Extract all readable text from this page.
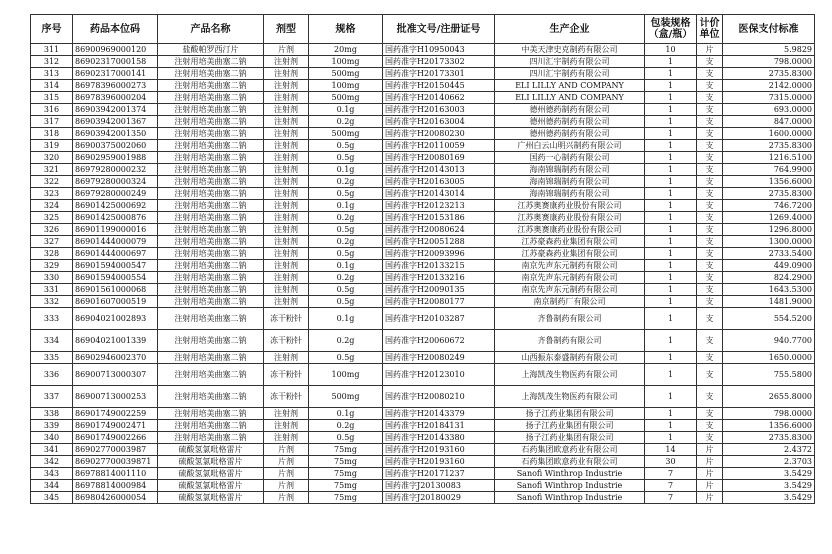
序号	药品本位码	产品名称	剂型	规格	批准文号/注册证号	生产企业	包装规格（盒/瓶）	计价单位	医保支付标准
311	86900969000120	盐酸帕罗西汀片	片剂	20mg	国药准字H10950043	中美天津史克制药有限公司	10	片	5.9829
312	86902317000158	注射用培美曲塞二钠	注射剂	100mg	国药准字H20173302	四川汇宇制药有限公司	1	支	798.0000
313	86902317000141	注射用培美曲塞二钠	注射剂	500mg	国药准字H20173301	四川汇宇制药有限公司	1	支	2735.8300
314	86978396000273	注射用培美曲塞二钠	注射剂	100mg	国药准字H20150445	ELI LILLY AND COMPANY	1	支	2142.0000
315	86978396000204	注射用培美曲塞二钠	注射剂	500mg	国药准字H20140662	ELI LILLY AND COMPANY	1	支	7315.0000
316	86903942001374	注射用培美曲塞二钠	注射剂	0.1g	国药准字H20163003	德州德药制药有限公司	1	支	693.0000
317	86903942001367	注射用培美曲塞二钠	注射剂	0.2g	国药准字H20163004	德州德药制药有限公司	1	支	847.0000
318	86903942001350	注射用培美曲塞二钠	注射剂	500mg	国药准字H20080230	德州德药制药有限公司	1	支	1600.0000
319	86900375002060	注射用培美曲塞二钠	注射剂	0.5g	国药准字H20110059	广州白云山明兴制药有限公司	1	支	2735.8300
320	86902959001988	注射用培美曲塞二钠	注射剂	0.5g	国药准字H20080169	国药一心制药有限公司	1	支	1216.5100
321	86979280000232	注射用培美曲塞二钠	注射剂	0.1g	国药准字H20143013	海南锦瑞制药有限公司	1	支	764.9900
322	86979280000324	注射用培美曲塞二钠	注射剂	0.2g	国药准字H20163005	海南锦瑞制药有限公司	1	支	1356.6000
323	86979280000249	注射用培美曲塞二钠	注射剂	0.5g	国药准字H20143014	海南锦瑞制药有限公司	1	支	2735.8300
324	86901425000692	注射用培美曲塞二钠	注射剂	0.1g	国药准字H20123213	江苏奥赛康药业股份有限公司	1	支	746.7200
325	86901425000876	注射用培美曲塞二钠	注射剂	0.2g	国药准字H20153186	江苏奥赛康药业股份有限公司	1	支	1269.4000
326	86901199000016	注射用培美曲塞二钠	注射剂	0.5g	国药准字H20080624	江苏奥赛康药业股份有限公司	1	支	1296.8000
327	86901444000079	注射用培美曲塞二钠	注射剂	0.2g	国药准字H20051288	江苏豪森药业集团有限公司	1	支	1300.0000
328	86901444000697	注射用培美曲塞二钠	注射剂	0.5g	国药准字H20093996	江苏豪森药业集团有限公司	1	支	2733.5400
329	86901594000547	注射用培美曲塞二钠	注射剂	0.1g	国药准字H20133215	南京先声东元制药有限公司	1	支	449.0900
330	86901594000554	注射用培美曲塞二钠	注射剂	0.2g	国药准字H20133216	南京先声东元制药有限公司	1	支	824.2900
331	86901561000068	注射用培美曲塞二钠	注射剂	0.5g	国药准字H20090135	南京先声东元制药有限公司	1	支	1643.5300
332	86901607000519	注射用培美曲塞二钠	注射剂	0.5g	国药准字H20080177	南京制药厂有限公司	1	支	1481.9000
333	86904021002893	注射用培美曲塞二钠	冻干粉针	0.1g	国药准字H20103287	齐鲁制药有限公司	1	支	554.5200
334	86904021001339	注射用培美曲塞二钠	冻干粉针	0.2g	国药准字H20060672	齐鲁制药有限公司	1	支	940.7700
335	86902946002370	注射用培美曲塞二钠	注射剂	0.5g	国药准字H20080249	山西振东泰盛制药有限公司	1	支	1650.0000
336	86900713000307	注射用培美曲塞二钠	冻干粉针	100mg	国药准字H20123010	上海凯茂生物医药有限公司	1	支	755.5800
337	86900713000253	注射用培美曲塞二钠	冻干粉针	500mg	国药准字H20080210	上海凯茂生物医药有限公司	1	支	2655.8000
338	86901749002259	注射用培美曲塞二钠	注射剂	0.1g	国药准字H20143379	扬子江药业集团有限公司	1	支	798.0000
339	86901749002471	注射用培美曲塞二钠	注射剂	0.2g	国药准字H20184131	扬子江药业集团有限公司	1	支	1356.6000
340	86901749002266	注射用培美曲塞二钠	注射剂	0.5g	国药准字H20143380	扬子江药业集团有限公司	1	支	2735.8300
341	86902770003987	硫酸氢氯吡格雷片	片剂	75mg	国药准字H20193160	石药集团欧意药业有限公司	14	片	2.4372
342	86902770003987​1	硫酸氢氯吡格雷片	片剂	75mg	国药准字H20193160	石药集团欧意药业有限公司	30	片	2.3703
343	86978814001110	硫酸氢氯吡格雷片	片剂	75mg	国药准字H20171237	Sanofi Winthrop Industrie	7	片	3.5429
344	86978814000984	硫酸氢氯吡格雷片	片剂	75mg	国药准字J20130083	Sanofi Winthrop Industrie	7	片	3.5429
345	86980426000054	硫酸氢氯吡格雷片	片剂	75mg	国药准字J20180029	Sanofi Winthrop Industrie	7	片	3.5429
